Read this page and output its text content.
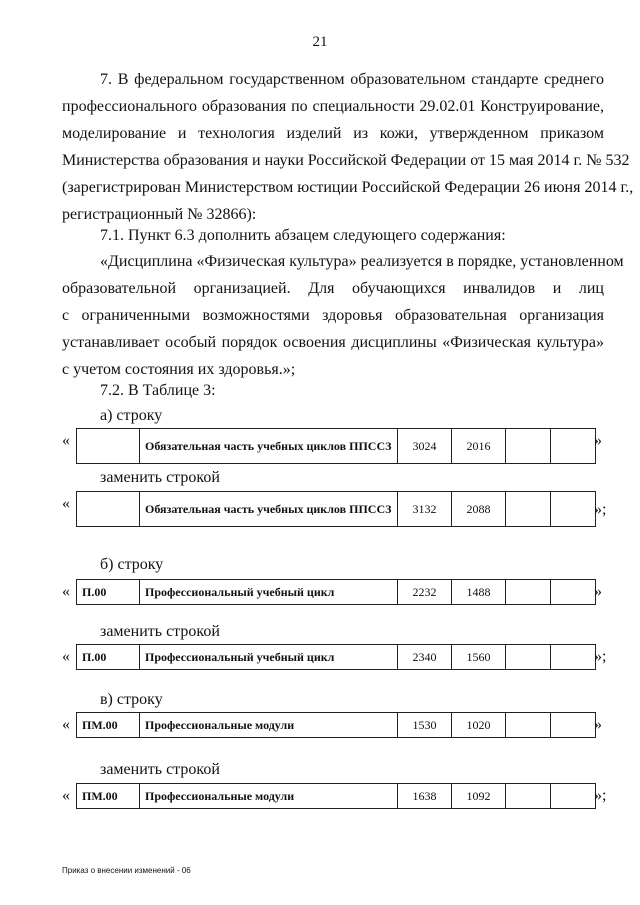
21
7. В федеральном государственном образовательном стандарте среднего
профессионального образования по специальности 29.02.01 Конструирование,
моделирование и технология изделий из кожи, утвержденном приказом
Министерства образования и науки Российской Федерации от 15 мая 2014 г. № 532
(зарегистрирован Министерством юстиции Российской Федерации 26 июня 2014 г.,
регистрационный № 32866):
7.1. Пункт 6.3 дополнить абзацем следующего содержания:
«Дисциплина «Физическая культура» реализуется в порядке, установленном
образовательной организацией. Для обучающихся инвалидов и лиц
с ограниченными возможностями здоровья образовательная организация
устанавливает особый порядок освоения дисциплины «Физическая культура»
с учетом состояния их здоровья.»;
7.2. В Таблице 3:
а) строку
«
		Обязательная часть учебных циклов ППССЗ	3024	2016			»
заменить строкой
«
		Обязательная часть учебных циклов ППССЗ	3132	2088			»;
б) строку
« П.00	Профессиональный учебный цикл	2232	1488			»
заменить строкой
« П.00	Профессиональный учебный цикл	2340	1560			»;
в) строку
« ПМ.00	Профессиональные модули	1530	1020			»
заменить строкой
« ПМ.00	Профессиональные модули	1638	1092			»;
Приказ о внесении изменений - 06
